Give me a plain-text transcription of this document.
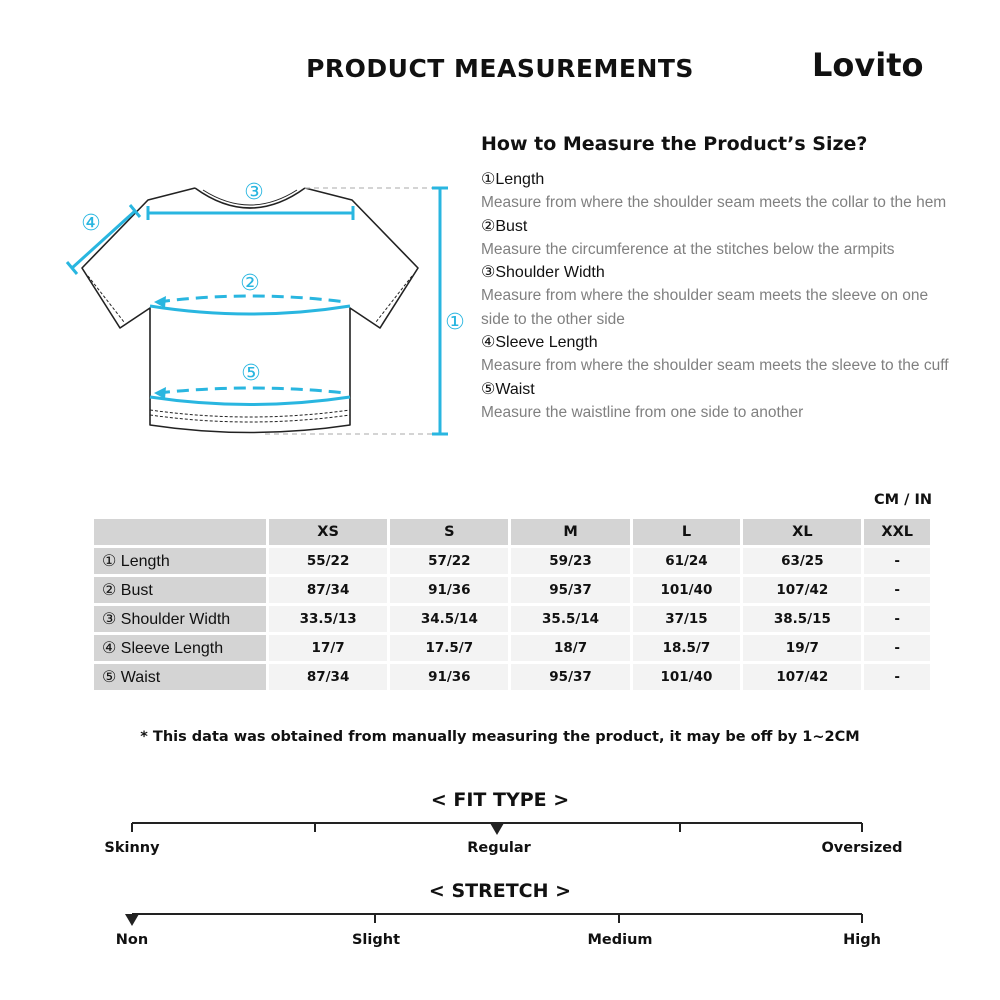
PRODUCT MEASUREMENTS	Lovito
③
④
②
①
⑤
How to Measure the Product’s Size?
①Length
Measure from where the shoulder seam meets the collar to the hem
②Bust
Measure the circumference at the stitches below the armpits
③Shoulder Width
Measure from where the shoulder seam meets the sleeve on one side to the other side
④Sleeve Length
Measure from where the shoulder seam meets the sleeve to the cuff
⑤Waist
Measure the waistline from one side to another
CM / IN
	XS	S	M	L	XL	XXL
① Length	55/22	57/22	59/23	61/24	63/25	-
② Bust	87/34	91/36	95/37	101/40	107/42	-
③ Shoulder Width	33.5/13	34.5/14	35.5/14	37/15	38.5/15	-
④ Sleeve Length	17/7	17.5/7	18/7	18.5/7	19/7	-
⑤ Waist	87/34	91/36	95/37	101/40	107/42	-
* This data was obtained from manually measuring the product, it may be off by 1~2CM
< FIT TYPE >
Skinny	Regular	Oversized
< STRETCH >
Non	Slight	Medium	High
